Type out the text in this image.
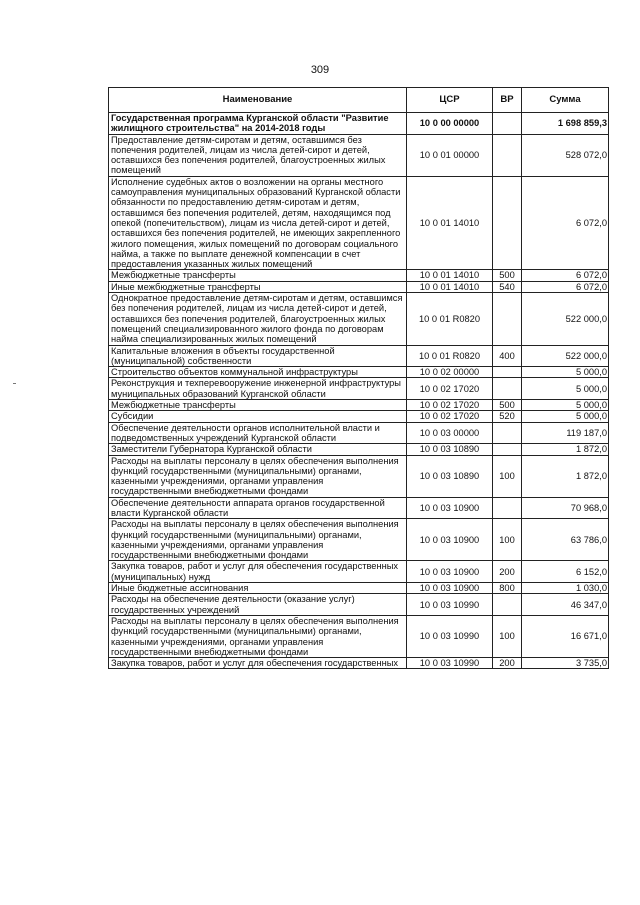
309
Наименование	ЦСР	ВР	Сумма
Государственная программа Курганской области "Развитие жилищного строительства" на 2014-2018 годы	10 0 00 00000		1 698 859,3
Предоставление детям-сиротам и детям, оставшимся без попечения родителей, лицам из числа детей-сирот и детей, оставшихся без попечения родителей, благоустроенных жилых помещений	10 0 01 00000		528 072,0
Исполнение судебных актов о возложении на органы местного самоуправления муниципальных образований Курганской области обязанности по предоставлению детям-сиротам и детям, оставшимся без попечения родителей, детям, находящимся под опекой (попечительством), лицам из числа детей-сирот и детей, оставшихся без попечения родителей, не имеющих закрепленного жилого помещения, жилых помещений по договорам социального найма, а также по выплате денежной компенсации в счет предоставления указанных жилых помещений	10 0 01 14010		6 072,0
Межбюджетные трансферты	10 0 01 14010	500	6 072,0
Иные межбюджетные трансферты	10 0 01 14010	540	6 072,0
Однократное предоставление детям-сиротам и детям, оставшимся без попечения родителей, лицам из числа детей-сирот и детей, оставшихся без попечения родителей, благоустроенных жилых помещений специализированного жилого фонда по договорам найма специализированных жилых помещений	10 0 01 R0820		522 000,0
Капитальные вложения в объекты государственной (муниципальной) собственности	10 0 01 R0820	400	522 000,0
Строительство объектов коммунальной инфраструктуры	10 0 02 00000		5 000,0
Реконструкция и техперевооружение инженерной инфраструктуры муниципальных образований Курганской области	10 0 02 17020		5 000,0
Межбюджетные трансферты	10 0 02 17020	500	5 000,0
Субсидии	10 0 02 17020	520	5 000,0
Обеспечение деятельности органов исполнительной власти и подведомственных учреждений Курганской области	10 0 03 00000		119 187,0
Заместители Губернатора Курганской области	10 0 03 10890		1 872,0
Расходы на выплаты персоналу в целях обеспечения выполнения функций государственными (муниципальными) органами, казенными учреждениями, органами управления государственными внебюджетными фондами	10 0 03 10890	100	1 872,0
Обеспечение деятельности аппарата органов государственной власти Курганской области	10 0 03 10900		70 968,0
Расходы на выплаты персоналу в целях обеспечения выполнения функций государственными (муниципальными) органами, казенными учреждениями, органами управления государственными внебюджетными фондами	10 0 03 10900	100	63 786,0
Закупка товаров, работ и услуг для обеспечения государственных (муниципальных) нужд	10 0 03 10900	200	6 152,0
Иные бюджетные ассигнования	10 0 03 10900	800	1 030,0
Расходы на обеспечение деятельности (оказание услуг) государственных учреждений	10 0 03 10990		46 347,0
Расходы на выплаты персоналу в целях обеспечения выполнения функций государственными (муниципальными) органами, казенными учреждениями, органами управления государственными внебюджетными фондами	10 0 03 10990	100	16 671,0
Закупка товаров, работ и услуг для обеспечения государственных	10 0 03 10990	200	3 735,0
